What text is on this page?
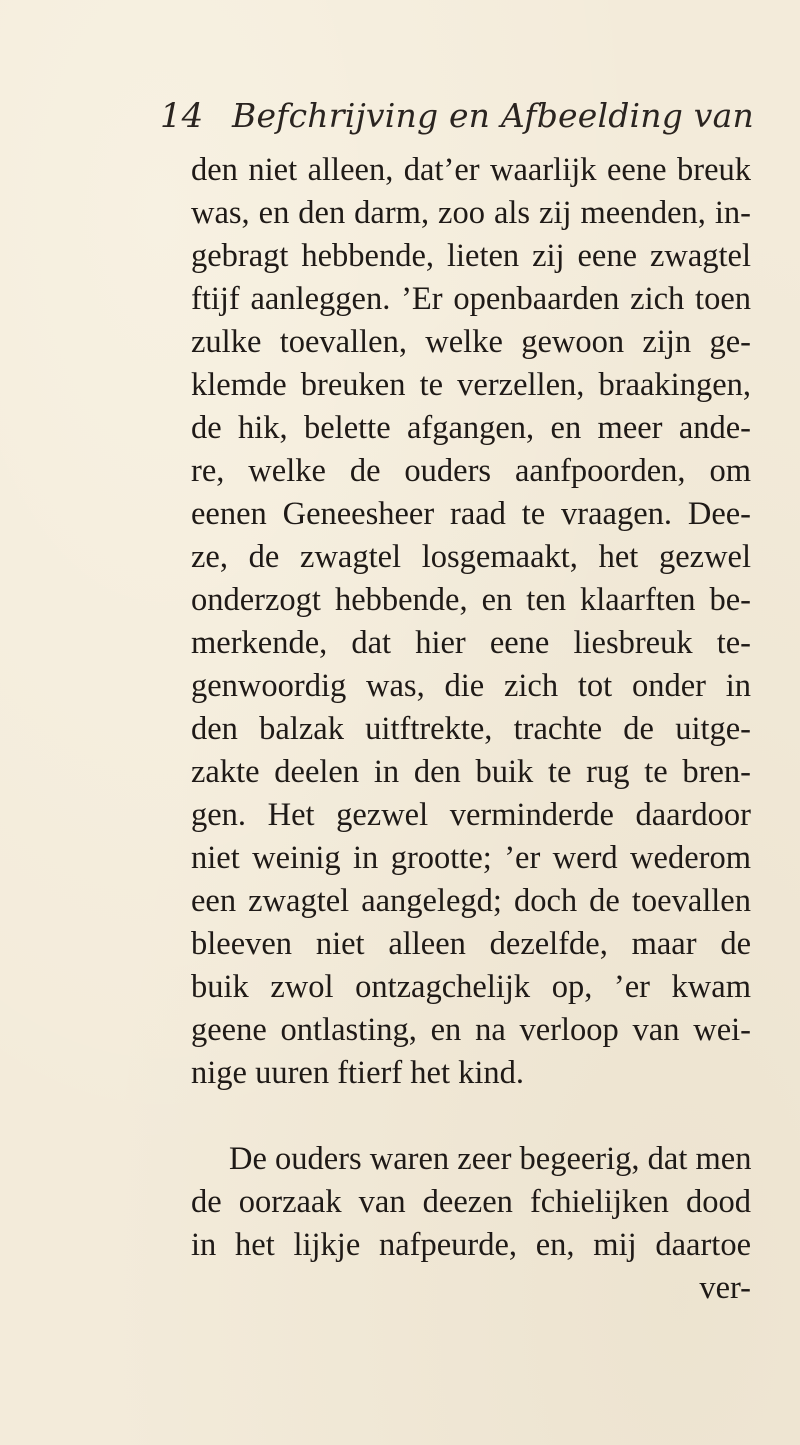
14 Befchrijving en Afbeelding van
den niet alleen, dat’er waarlijk eene breuk
was, en den darm, zoo als zij meenden, in-
gebragt hebbende, lieten zij eene zwagtel
ftijf aanleggen. ’Er openbaarden zich toen
zulke toevallen, welke gewoon zijn ge-
klemde breuken te verzellen, braakingen,
de hik, belette afgangen, en meer ande-
re, welke de ouders aanfpoorden, om
eenen Geneesheer raad te vraagen. Dee-
ze, de zwagtel losgemaakt, het gezwel
onderzogt hebbende, en ten klaarften be-
merkende, dat hier eene liesbreuk te-
genwoordig was, die zich tot onder in
den balzak uitftrekte, trachte de uitge-
zakte deelen in den buik te rug te bren-
gen. Het gezwel verminderde daardoor
niet weinig in grootte; ’er werd wederom
een zwagtel aangelegd; doch de toevallen
bleeven niet alleen dezelfde, maar de
buik zwol ontzagchelijk op, ’er kwam
geene ontlasting, en na verloop van wei-
nige uuren ftierf het kind.
De ouders waren zeer begeerig, dat men
de oorzaak van deezen fchielijken dood
in het lijkje nafpeurde, en, mij daartoe
ver-
